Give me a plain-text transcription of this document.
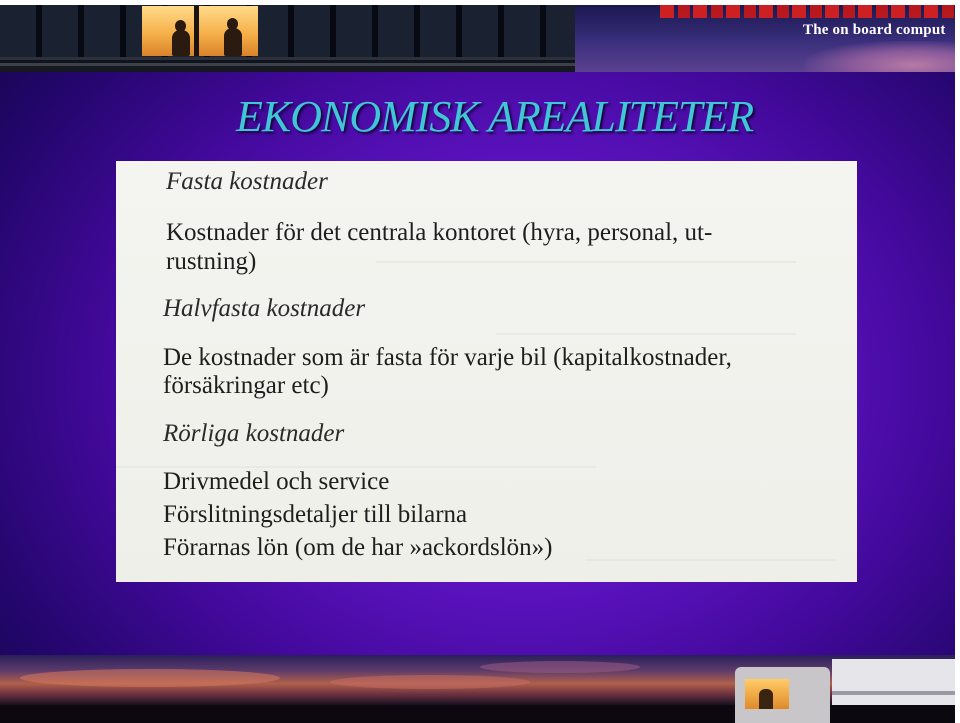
The on board comput
EKONOMISK AREALITETER
Fasta kostnader
Kostnader för det centrala kontoret (hyra, personal, ut-
rustning)
Halvfasta kostnader
De kostnader som är fasta för varje bil (kapitalkostnader,
försäkringar etc)
Rörliga kostnader
Drivmedel och service
Förslitningsdetaljer till bilarna
Förarnas lön (om de har »ackordslön»)
